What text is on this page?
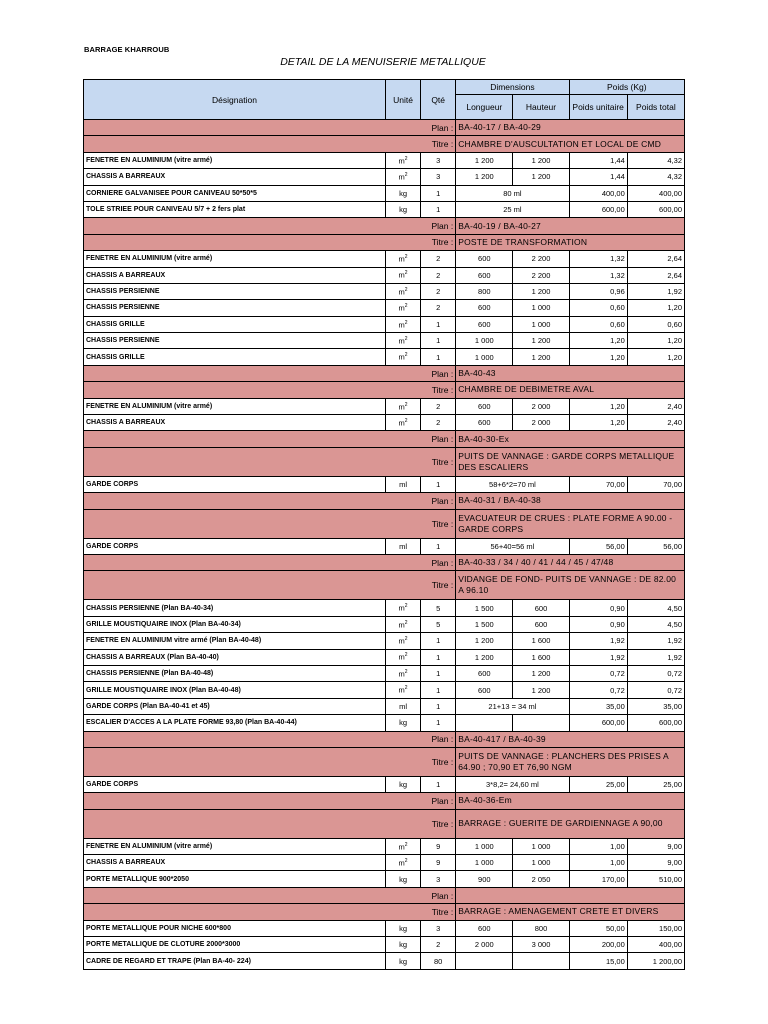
BARRAGE KHARROUB
DETAIL DE LA MENUISERIE METALLIQUE
Désignation	Unité	Qté	Dimensions		Poids (Kg)	
			Longueur	Hauteur	Poids unitaire	Poids total
Plan :			BA-40-17 / BA-40-29			
Titre :			CHAMBRE D'AUSCULTATION ET LOCAL DE CMD			
FENETRE EN ALUMINIUM (vitre armé)	$m^2$	3	1 200	1 200	1,44	4,32
CHASSIS A BARREAUX	$m^2$	3	1 200	1 200	1,44	4,32
CORNIERE GALVANISEE POUR CANIVEAU 50*50*5	kg	1	80 ml		400,00	400,00
TOLE STRIEE POUR CANIVEAU 5/7 + 2 fers plat	kg	1	25 ml		600,00	600,00
Plan :			BA-40-19 / BA-40-27			
Titre :			POSTE DE TRANSFORMATION			
FENETRE EN ALUMINIUM (vitre armé)	$m^2$	2	600	2 200	1,32	2,64
CHASSIS A BARREAUX	$m^2$	2	600	2 200	1,32	2,64
CHASSIS PERSIENNE	$m^2$	2	800	1 200	0,96	1,92
CHASSIS PERSIENNE	$m^2$	2	600	1 000	0,60	1,20
CHASSIS GRILLE	$m^2$	1	600	1 000	0,60	0,60
CHASSIS PERSIENNE	$m^2$	1	1 000	1 200	1,20	1,20
CHASSIS GRILLE	$m^2$	1	1 000	1 200	1,20	1,20
Plan :			BA-40-43			
Titre :			CHAMBRE DE DEBIMETRE AVAL			
FENETRE EN ALUMINIUM (vitre armé)	$m^2$	2	600	2 000	1,20	2,40
CHASSIS A BARREAUX	$m^2$	2	600	2 000	1,20	2,40
Plan :			BA-40-30-Ex			
Titre :			PUITS DE VANNAGE : GARDE CORPS METALLIQUE DES ESCALIERS			
GARDE CORPS	ml	1	58+6*2=70 ml		70,00	70,00
Plan :			BA-40-31 / BA-40-38			
Titre :			EVACUATEUR DE CRUES : PLATE FORME A 90.00 - GARDE CORPS			
GARDE CORPS	ml	1	56+40=56 ml		56,00	56,00
Plan :			BA-40-33 / 34 / 40 / 41 / 44 / 45 / 47/48			
Titre :			VIDANGE DE FOND- PUITS DE VANNAGE : DE 82.00 A 96.10			
CHASSIS PERSIENNE (Plan BA-40-34)	$m^2$	5	1 500	600	0,90	4,50
GRILLE MOUSTIQUAIRE INOX (Plan BA-40-34)	$m^2$	5	1 500	600	0,90	4,50
FENETRE EN ALUMINIUM vitre armé (Plan BA-40-48)	$m^2$	1	1 200	1 600	1,92	1,92
CHASSIS A BARREAUX (Plan BA-40-40)	$m^2$	1	1 200	1 600	1,92	1,92
CHASSIS PERSIENNE (Plan BA-40-48)	$m^2$	1	600	1 200	0,72	0,72
GRILLE MOUSTIQUAIRE INOX (Plan BA-40-48)	$m^2$	1	600	1 200	0,72	0,72
GARDE CORPS (Plan BA-40-41 et 45)	ml	1	21+13 = 34 ml		35,00	35,00
ESCALIER D'ACCES A LA PLATE FORME 93,80 (Plan BA-40-44)	kg	1			600,00	600,00
Plan :			BA-40-417 / BA-40-39			
Titre :			PUITS DE VANNAGE : PLANCHERS DES PRISES A 64.90 ; 70,90 ET 76,90 NGM			
GARDE CORPS	kg	1	3*8,2= 24,60 ml		25,00	25,00
Plan :			BA-40-36-Em			
Titre :			BARRAGE : GUERITE DE GARDIENNAGE A 90,00			
FENETRE EN ALUMINIUM (vitre armé)	$m^2$	9	1 000	1 000	1,00	9,00
CHASSIS A BARREAUX	$m^2$	9	1 000	1 000	1,00	9,00
PORTE METALLIQUE 900*2050	kg	3	900	2 050	170,00	510,00
Plan :						
Titre :			BARRAGE : AMENAGEMENT CRETE ET DIVERS			
PORTE METALLIQUE POUR NICHE 600*800	kg	3	600	800	50,00	150,00
PORTE METALLIQUE DE CLOTURE 2000*3000	kg	2	2 000	3 000	200,00	400,00
CADRE DE REGARD ET TRAPE (Plan BA-40- 224)	kg	80			15,00	1 200,00
